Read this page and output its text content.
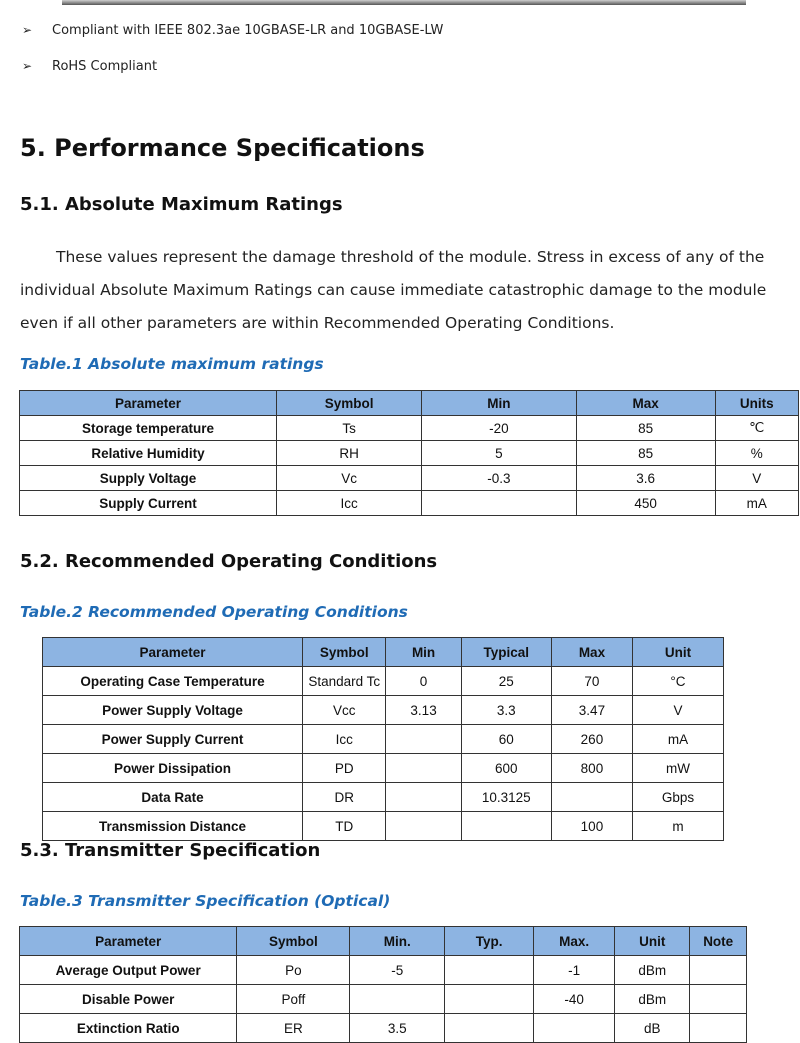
➢ Compliant with IEEE 802.3ae 10GBASE-LR and 10GBASE-LW
➢ RoHS Compliant
5. Performance Specifications
5.1. Absolute Maximum Ratings
These values represent the damage threshold of the module. Stress in excess of any of the
individual Absolute Maximum Ratings can cause immediate catastrophic damage to the module
even if all other parameters are within Recommended Operating Conditions.
Table.1 Absolute maximum ratings
Parameter	Symbol	Min	Max	Units
Storage temperature	Ts	-20	85	℃
Relative Humidity	RH	5	85	%
Supply Voltage	Vc	-0.3	3.6	V
Supply Current	Icc		450	mA
5.2. Recommended Operating Conditions
Table.2 Recommended Operating Conditions
Parameter	Symbol	Min	Typical	Max	Unit
Operating Case Temperature	Standard Tc	0	25	70	°C
Power Supply Voltage	Vcc	3.13	3.3	3.47	V
Power Supply Current	Icc		60	260	mA
Power Dissipation	PD		600	800	mW
Data Rate	DR		10.3125		Gbps
Transmission Distance	TD			100	m
5.3. Transmitter Specification
Table.3 Transmitter Specification (Optical)
Parameter	Symbol	Min.	Typ.	Max.	Unit	Note
Average Output Power	Po	-5		-1	dBm	
Disable Power	Poff			-40	dBm	
Extinction Ratio	ER	3.5			dB	
